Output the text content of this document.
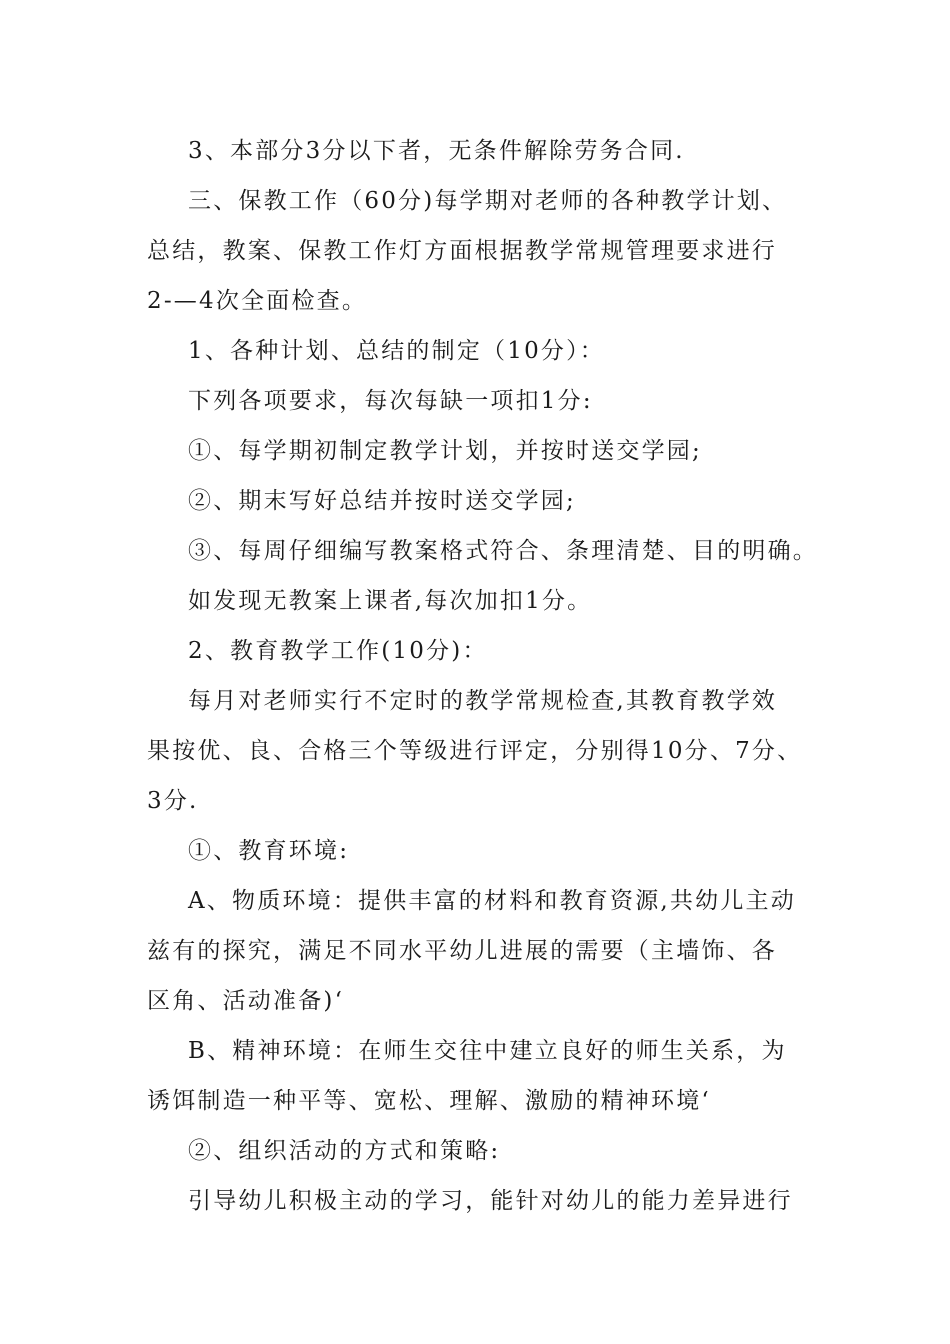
3、本部分3分以下者，无条件解除劳务合同.
三、保教工作（60分)每学期对老师的各种教学计划、
总结，教案、保教工作灯方面根据教学常规管理要求进行
2-—4次全面检查。
1、各种计划、总结的制定（10分）：
下列各项要求，每次每缺一项扣1分:
①、每学期初制定教学计划，并按时送交学园;
②、期末写好总结并按时送交学园;
③、每周仔细编写教案格式符合、条理清楚、目的明确。
如发现无教案上课者,每次加扣1分。
2、教育教学工作(10分)：
每月对老师实行不定时的教学常规检查,其教育教学效
果按优、良、合格三个等级进行评定，分别得10分、7分、
3分.
①、教育环境:
A、物质环境：提供丰富的材料和教育资源,共幼儿主动
兹有的探究，满足不同水平幼儿进展的需要（主墙饰、各
区角、活动准备)‘
B、精神环境：在师生交往中建立良好的师生关系，为
诱饵制造一种平等、宽松、理解、激励的精神环境‘
②、组织活动的方式和策略:
引导幼儿积极主动的学习，能针对幼儿的能力差异进行
